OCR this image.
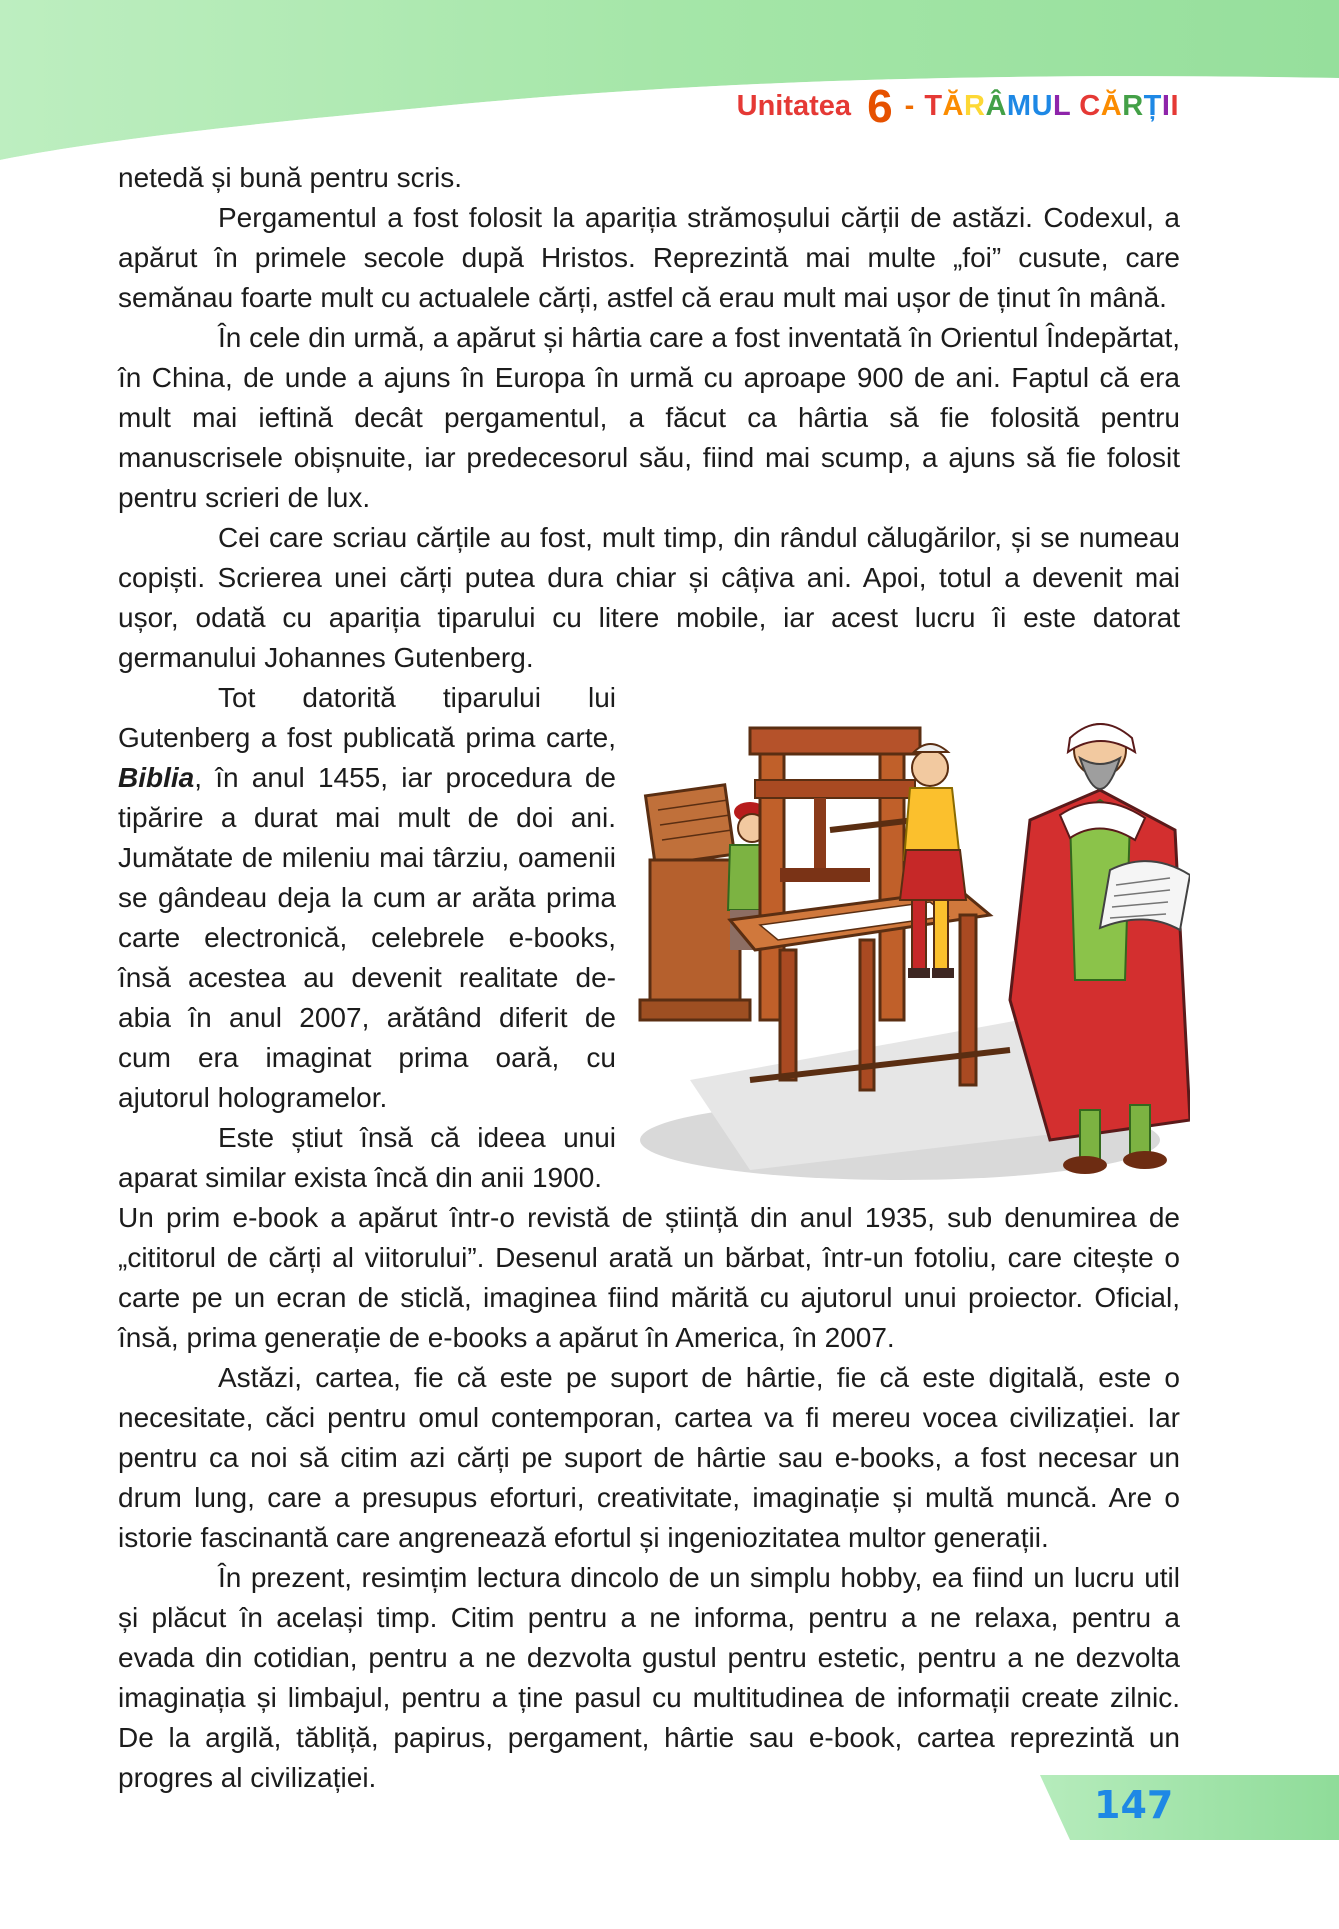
Unitatea 6 - TĂRÂMUL CĂRȚII

netedă și bună pentru scris.

Pergamentul a fost folosit la apariția strămoșului cărții de astăzi. Codexul, a apărut în primele secole după Hristos. Reprezintă mai multe „foi” cusute, care semănau foarte mult cu actualele cărți, astfel că erau mult mai ușor de ținut în mână.

În cele din urmă, a apărut și hârtia care a fost inventată în Orientul Îndepărtat, în China, de unde a ajuns în Europa în urmă cu aproape 900 de ani. Faptul că era mult mai ieftină decât pergamentul, a făcut ca hârtia să fie folosită pentru manuscrisele obișnuite, iar predecesorul său, fiind mai scump, a ajuns să fie folosit pentru scrieri de lux.

Cei care scriau cărțile au fost, mult timp, din rândul călugărilor, și se numeau copiști. Scrierea unei cărți putea dura chiar și câțiva ani. Apoi, totul a devenit mai ușor, odată cu apariția tiparului cu litere mobile, iar acest lucru îi este datorat germanului Johannes Gutenberg.

Tot datorită tiparului lui Gutenberg a fost publicată prima carte, Biblia, în anul 1455, iar procedura de tipărire a durat mai mult de doi ani. Jumătate de mileniu mai târziu, oamenii se gândeau deja la cum ar arăta prima carte electronică, celebrele e-books, însă acestea au devenit realitate de-abia în anul 2007, arătând diferit de cum era imaginat prima oară, cu ajutorul hologramelor.

Este știut însă că ideea unui aparat similar exista încă din anii 1900.

Un prim e-book a apărut într-o revistă de știință din anul 1935, sub denumirea de „cititorul de cărți al viitorului”. Desenul arată un bărbat, într-un fotoliu, care citește o carte pe un ecran de sticlă, imaginea fiind mărită cu ajutorul unui proiector. Oficial, însă, prima generație de e-books a apărut în America, în 2007.

Astăzi, cartea, fie că este pe suport de hârtie, fie că este digitală, este o necesitate, căci pentru omul contemporan, cartea va fi mereu vocea civilizației. Iar pentru ca noi să citim azi cărți pe suport de hârtie sau e-books, a fost necesar un drum lung, care a presupus eforturi, creativitate, imaginație și multă muncă. Are o istorie fascinantă care angrenează efortul și ingeniozitatea multor generații.

În prezent, resimțim lectura dincolo de un simplu hobby, ea fiind un lucru util și plăcut în același timp. Citim pentru a ne informa, pentru a ne relaxa, pentru a evada din cotidian, pentru a ne dezvolta gustul pentru estetic, pentru a ne dezvolta imaginația și limbajul, pentru a ține pasul cu multitudinea de informații create zilnic. De la argilă, tăbliță, papirus, pergament, hârtie sau e-book, cartea reprezintă un progres al civilizației.

147
